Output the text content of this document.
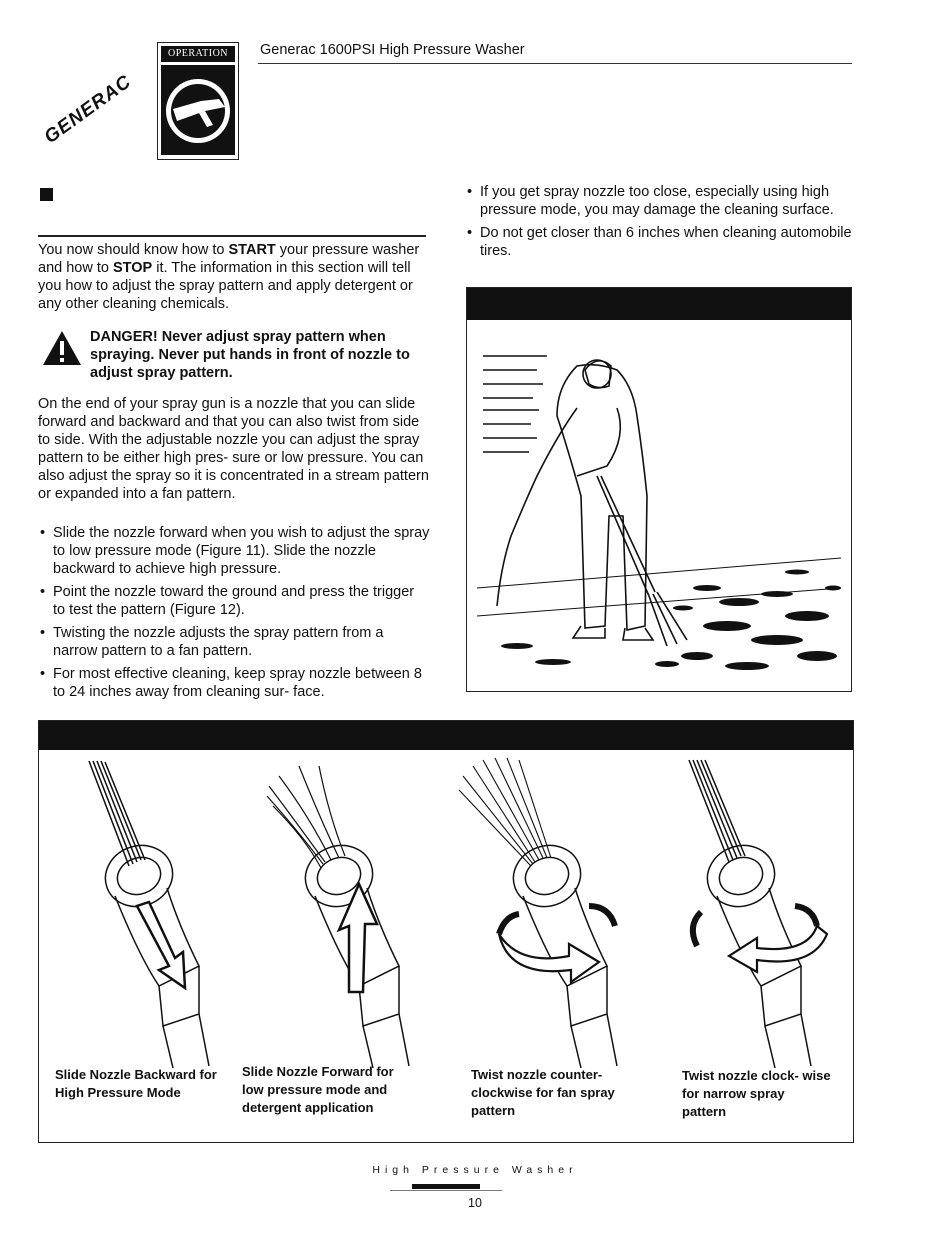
Generac 1600PSI High Pressure Washer
GENERAC
OPERATION
You now should know how to START your pressure washer and how to STOP it. The information in this section will tell you how to adjust the spray pattern and apply detergent or any other cleaning chemicals.
DANGER! Never adjust spray pattern when spraying. Never put hands in front of nozzle to adjust spray pattern.
On the end of your spray gun is a nozzle that you can slide forward and backward and that you can also twist from side to side. With the adjustable nozzle you can adjust the spray pattern to be either high pres- sure or low pressure. You can also adjust the spray so it is concentrated in a stream pattern or expanded into a fan pattern.
• Slide the nozzle forward when you wish to adjust the spray to low pressure mode (Figure 11). Slide the nozzle backward to achieve high pressure.
• Point the nozzle toward the ground and press the trigger to test the pattern (Figure 12).
• Twisting the nozzle adjusts the spray pattern from a narrow pattern to a fan pattern.
• For most effective cleaning, keep spray nozzle between 8 to 24 inches away from cleaning sur- face.
• If you get spray nozzle too close, especially using high pressure mode, you may damage the cleaning surface.
• Do not get closer than 6 inches when cleaning automobile tires.
Slide Nozzle Backward for High Pressure Mode
Slide Nozzle Forward for low pressure mode and detergent application
Twist nozzle counter- clockwise for fan spray pattern
Twist nozzle clock- wise for narrow spray pattern
High Pressure Washer
10
